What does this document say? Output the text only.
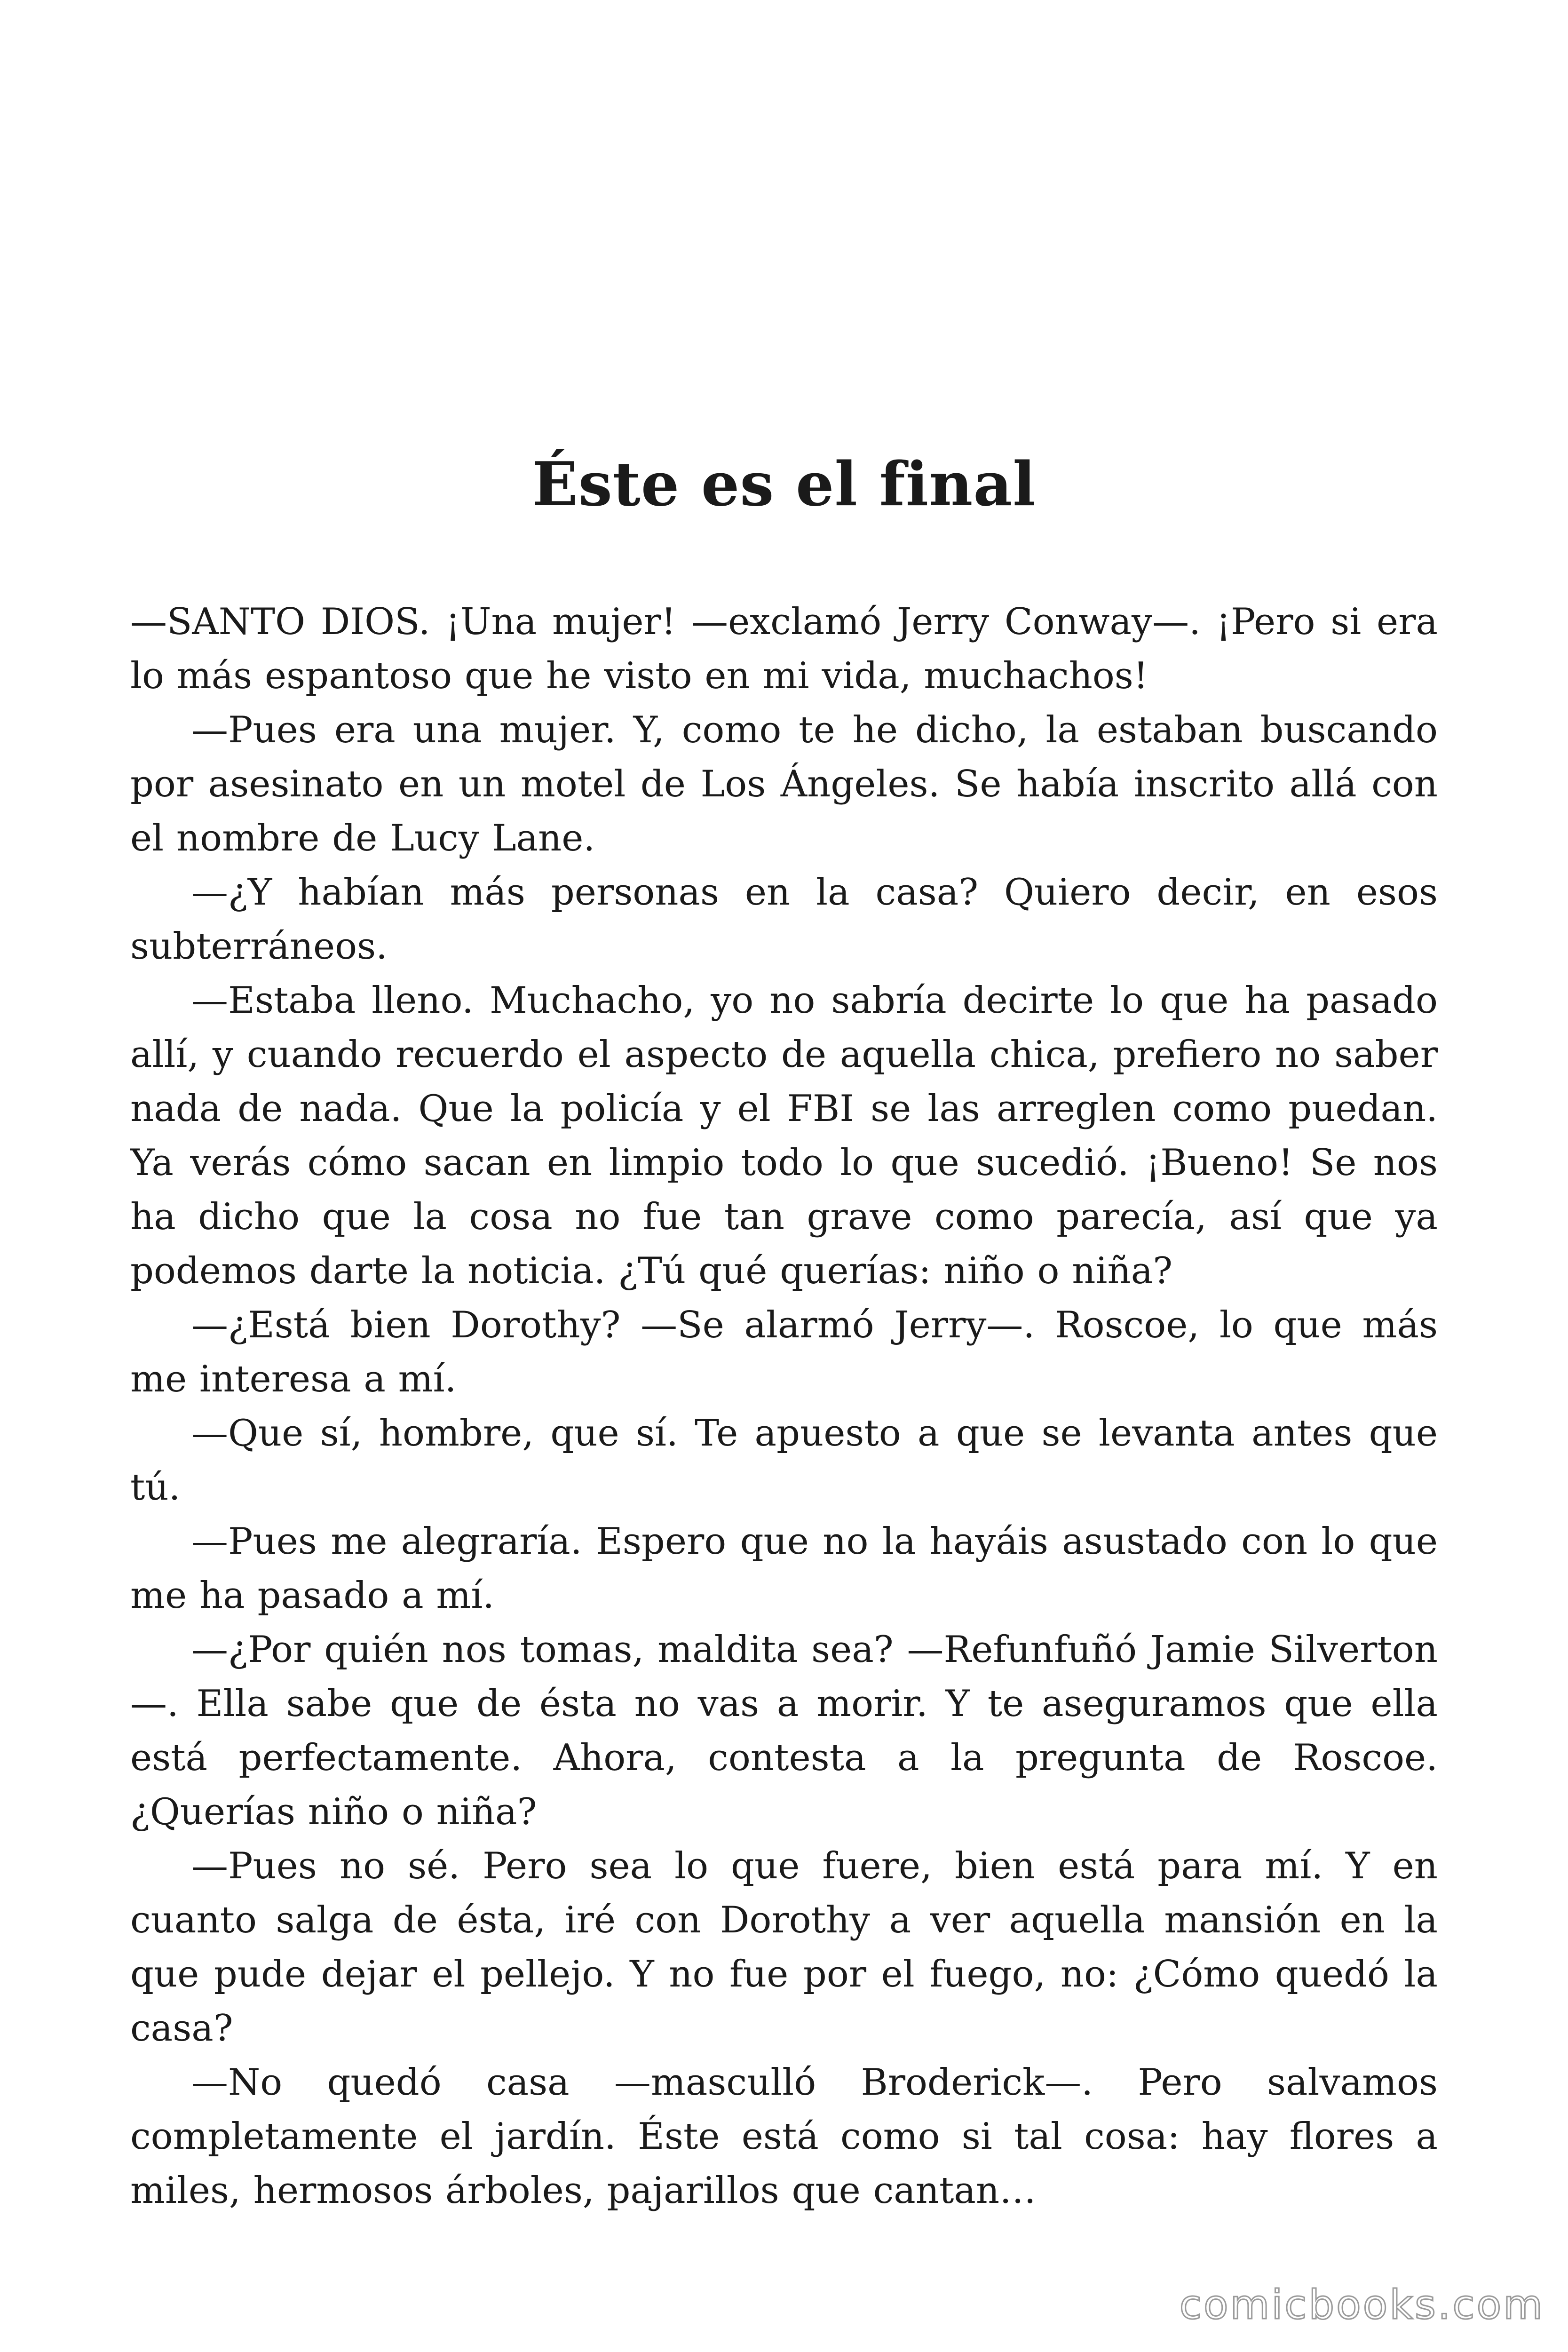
Éste es el final

—SANTO DIOS. ¡Una mujer! —exclamó Jerry Conway—. ¡Pero si era lo más espantoso que he visto en mi vida, muchachos!

—Pues era una mujer. Y, como te he dicho, la estaban buscando por asesinato en un motel de Los Ángeles. Se había inscrito allá con el nombre de Lucy Lane.

—¿Y habían más personas en la casa? Quiero decir, en esos subterráneos.

—Estaba lleno. Muchacho, yo no sabría decirte lo que ha pasado allí, y cuando recuerdo el aspecto de aquella chica, prefiero no saber nada de nada. Que la policía y el FBI se las arreglen como puedan. Ya verás cómo sacan en limpio todo lo que sucedió. ¡Bueno! Se nos ha dicho que la cosa no fue tan grave como parecía, así que ya podemos darte la noticia. ¿Tú qué querías: niño o niña?

—¿Está bien Dorothy? —Se alarmó Jerry—. Roscoe, lo que más me interesa a mí.

—Que sí, hombre, que sí. Te apuesto a que se levanta antes que tú.

—Pues me alegraría. Espero que no la hayáis asustado con lo que me ha pasado a mí.

—¿Por quién nos tomas, maldita sea? —Refunfuñó Jamie Silverton—. Ella sabe que de ésta no vas a morir. Y te aseguramos que ella está perfectamente. Ahora, contesta a la pregunta de Roscoe. ¿Querías niño o niña?

—Pues no sé. Pero sea lo que fuere, bien está para mí. Y en cuanto salga de ésta, iré con Dorothy a ver aquella mansión en la que pude dejar el pellejo. Y no fue por el fuego, no: ¿Cómo quedó la casa?

—No quedó casa —masculló Broderick—. Pero salvamos completamente el jardín. Éste está como si tal cosa: hay flores a miles, hermosos árboles, pajarillos que cantan…

comicbooks.com
